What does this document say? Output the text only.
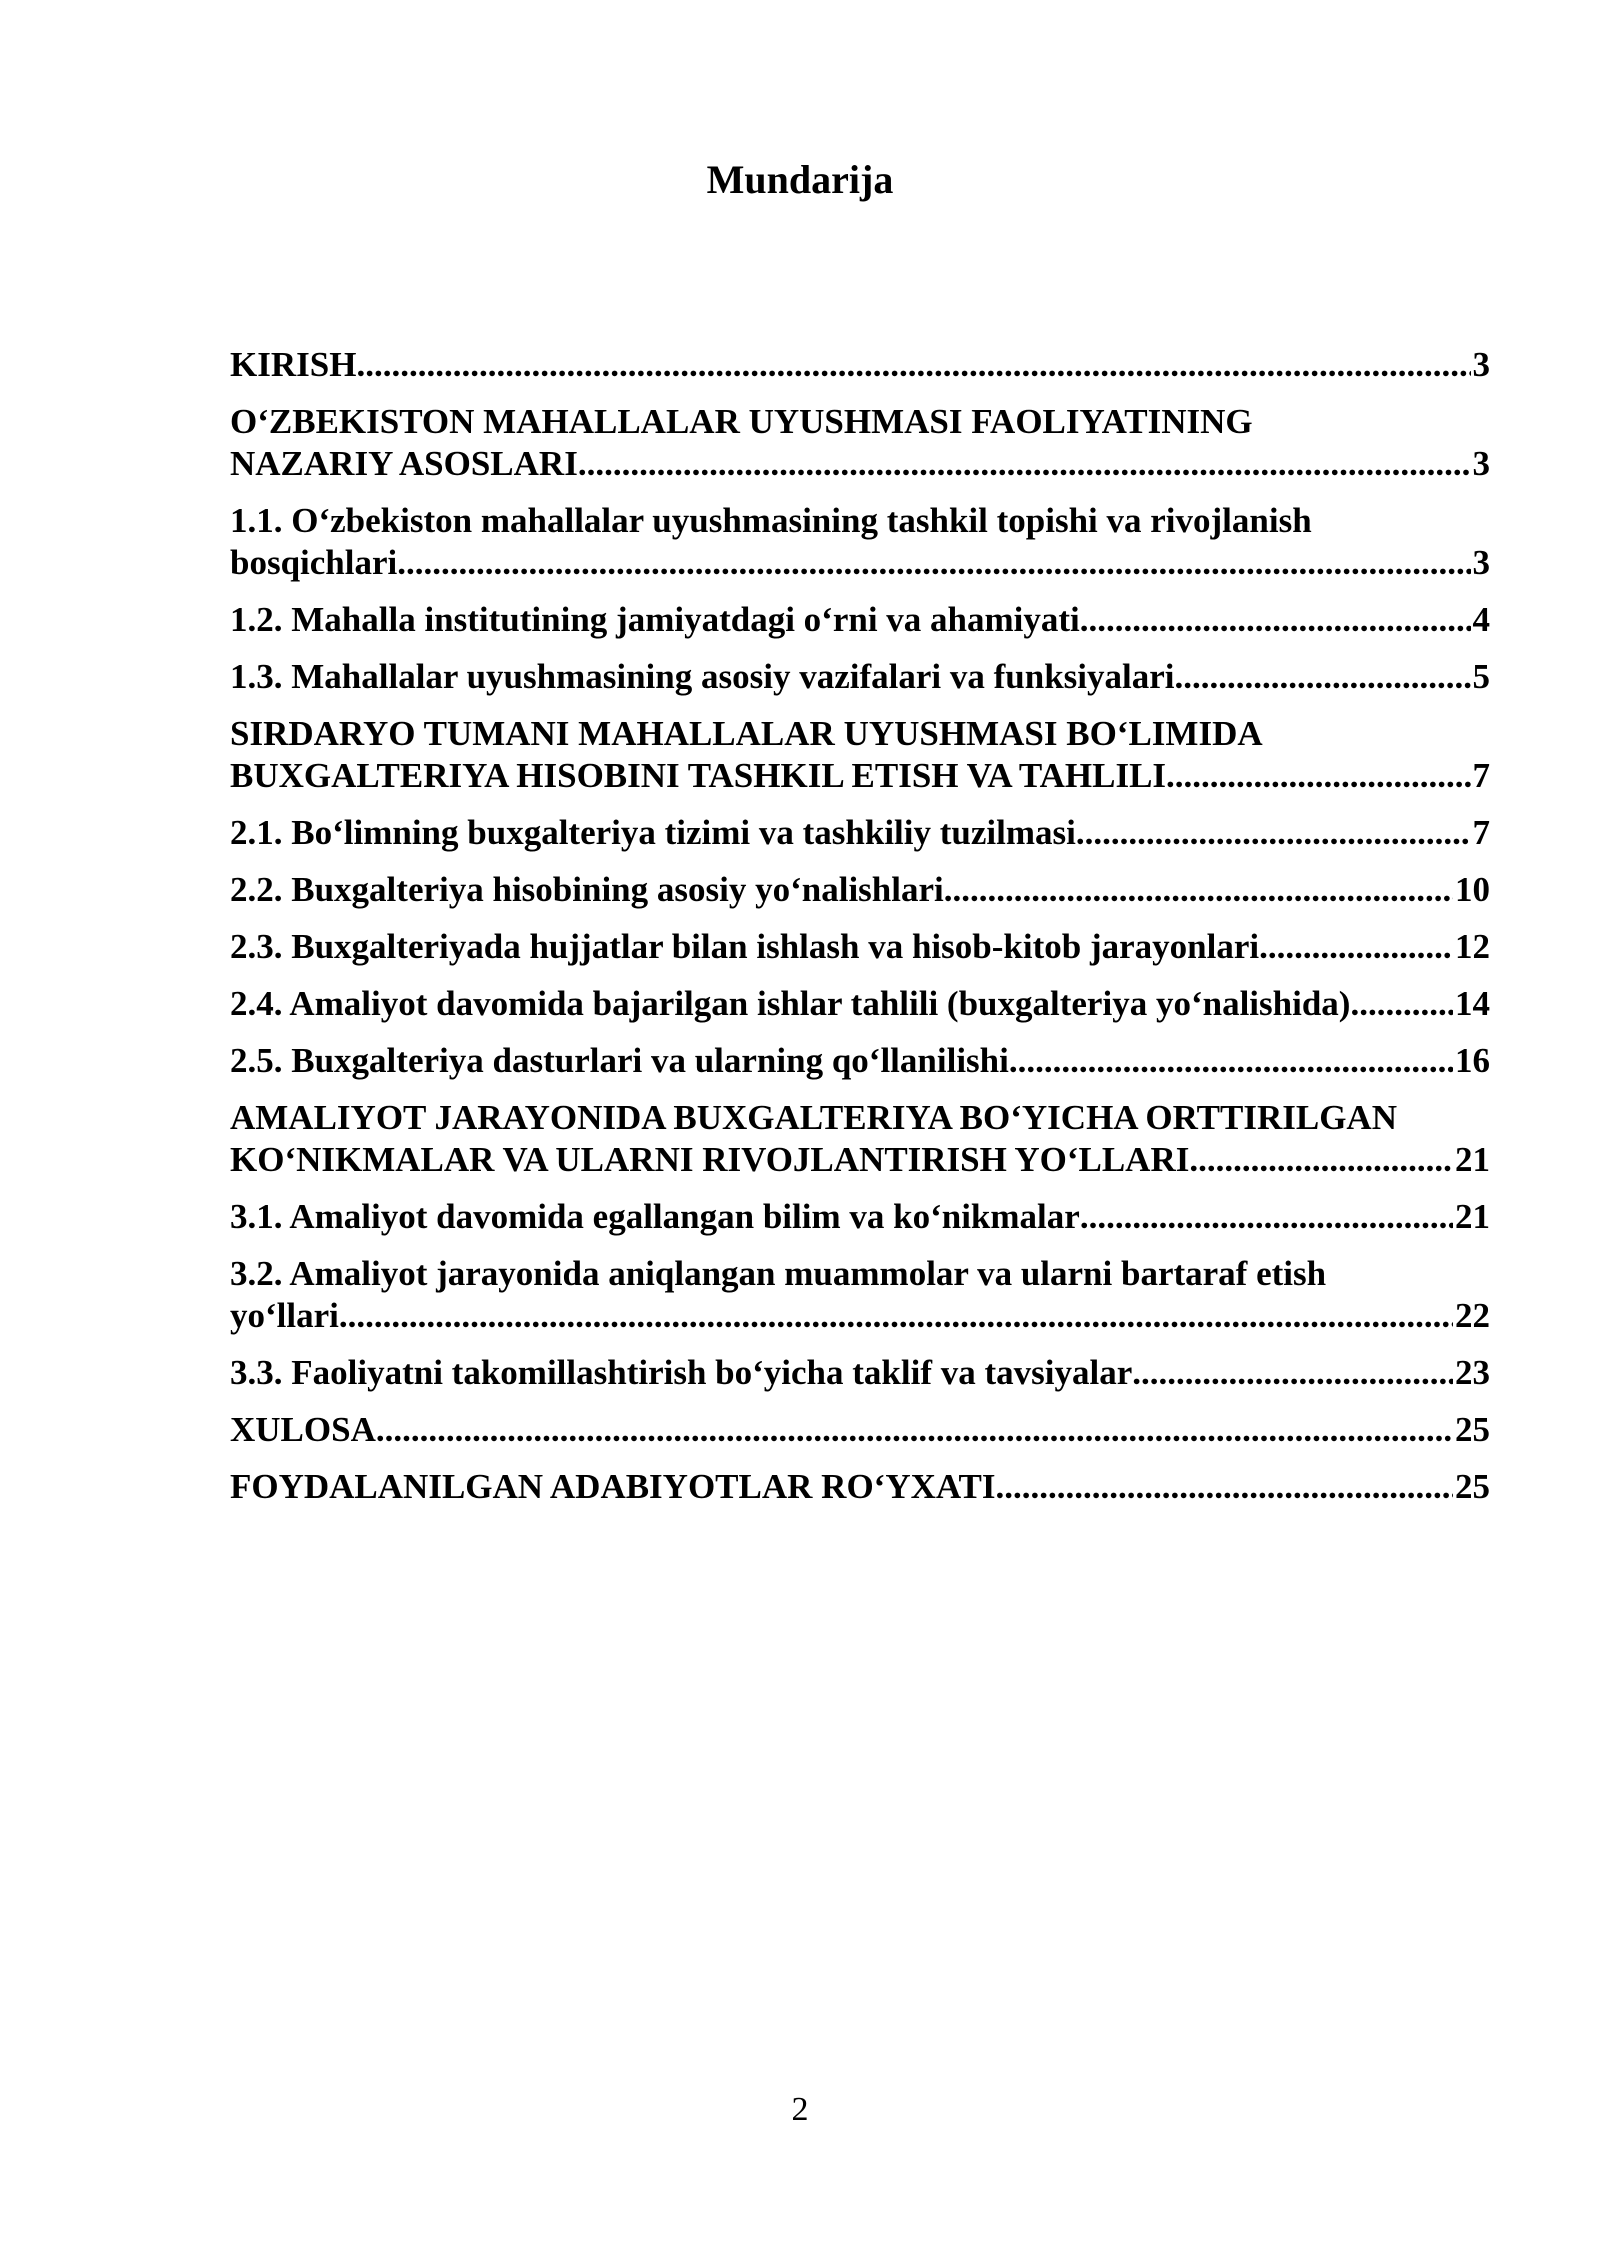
Mundarija
KIRISH .....	3
O‘ZBEKISTON MAHALLALAR UYUSHMASI FAOLIYATINING
NAZARIY ASOSLARI .....	3
1.1. O‘zbekiston mahallalar uyushmasining tashkil topishi va rivojlanish
bosqichlari .....	3
1.2. Mahalla institutining jamiyatdagi o‘rni va ahamiyati .....	4
1.3. Mahallalar uyushmasining asosiy vazifalari va funksiyalari .....	5
SIRDARYO TUMANI MAHALLALAR UYUSHMASI BO‘LIMIDA
BUXGALTERIYA HISOBINI TASHKIL ETISH VA TAHLILI .....	7
2.1. Bo‘limning buxgalteriya tizimi va tashkiliy tuzilmasi .....	7
2.2. Buxgalteriya hisobining asosiy yo‘nalishlari .....	10
2.3. Buxgalteriyada hujjatlar bilan ishlash va hisob-kitob jarayonlari .....	12
2.4. Amaliyot davomida bajarilgan ishlar tahlili (buxgalteriya yo‘nalishida) .....	14
2.5. Buxgalteriya dasturlari va ularning qo‘llanilishi .....	16
AMALIYOT JARAYONIDA BUXGALTERIYA BO‘YICHA ORTTIRILGAN
KO‘NIKMALAR VA ULARNI RIVOJLANTIRISH YO‘LLARI .....	21
3.1. Amaliyot davomida egallangan bilim va ko‘nikmalar .....	21
3.2. Amaliyot jarayonida aniqlangan muammolar va ularni bartaraf etish
yo‘llari .....	22
3.3. Faoliyatni takomillashtirish bo‘yicha taklif va tavsiyalar .....	23
XULOSA .....	25
FOYDALANILGAN ADABIYOTLAR RO‘YXATI .....	25
2
